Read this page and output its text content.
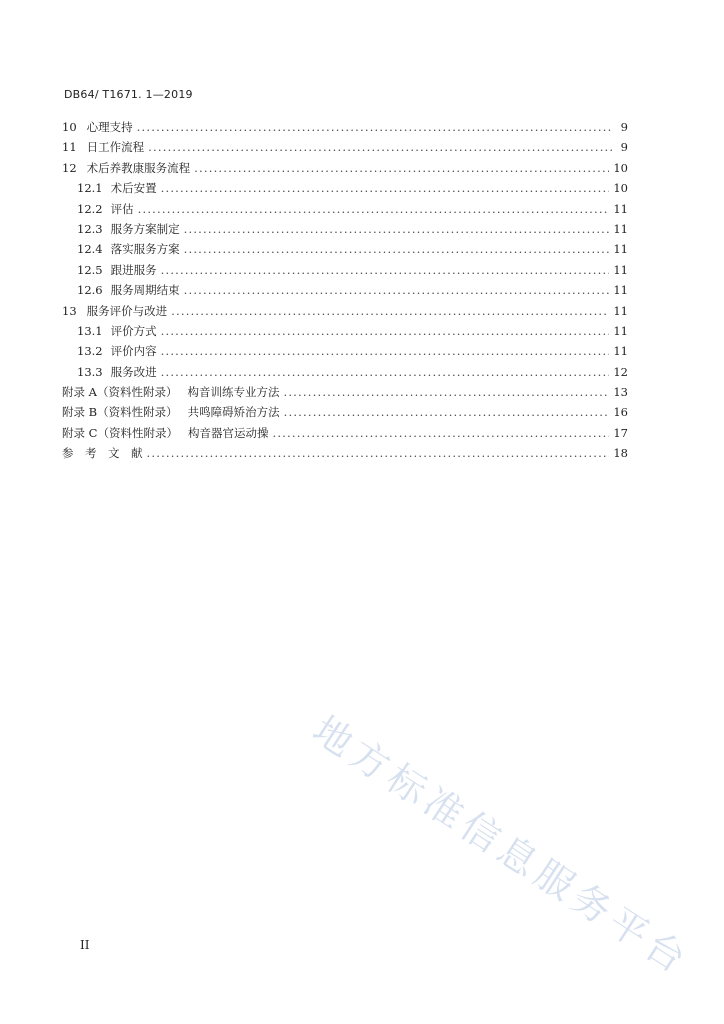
DB64/ T1671. 1—2019
10 心理支持 .....	9
11 日工作流程 .....	9
12 术后养教康服务流程 .....	10
12.1 术后安置 .....	10
12.2 评估 .....	11
12.3 服务方案制定 .....	11
12.4 落实服务方案 .....	11
12.5 跟进服务 .....	11
12.6 服务周期结束 .....	11
13 服务评价与改进 .....	11
13.1 评价方式 .....	11
13.2 评价内容 .....	11
13.3 服务改进 .....	12
附录 A（资料性附录） 构音训练专业方法 .....	13
附录 B（资料性附录） 共鸣障碍矫治方法 .....	16
附录 C（资料性附录） 构音器官运动操 .....	17
参　考　文　献 .....	18
地方标准信息服务平台
II
